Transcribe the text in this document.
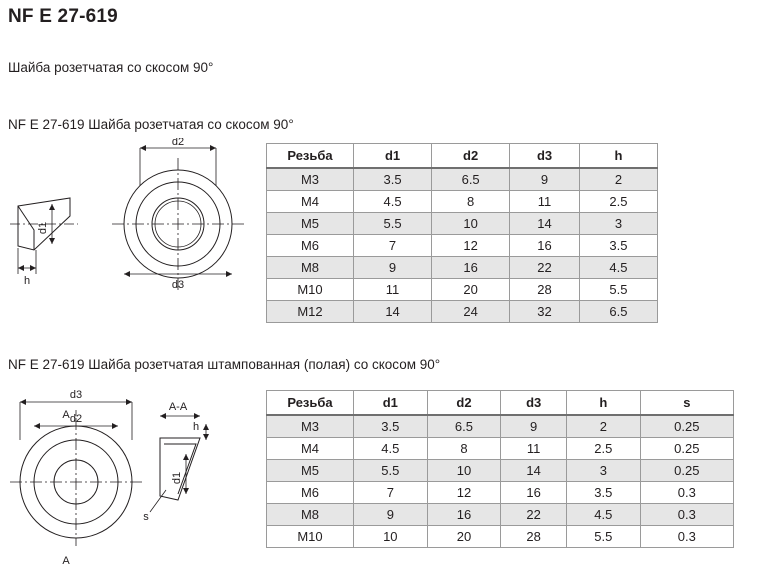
NF E 27-619
Шайба розетчатая со скосом 90°
NF E 27-619 Шайба розетчатая со скосом 90°
d1
h
d2
d3
Резьба	d1	d2	d3	h
M3	3.5	6.5	9	2
M4	4.5	8	11	2.5
M5	5.5	10	14	3
M6	7	12	16	3.5
M8	9	16	22	4.5
M10	11	20	28	5.5
M12	14	24	32	6.5
NF E 27-619 Шайба розетчатая штампованная (полая) со скосом 90°
d3
d2
A
A
A-A
h
d1
s
Резьба	d1	d2	d3	h	s
M3	3.5	6.5	9	2	0.25
M4	4.5	8	11	2.5	0.25
M5	5.5	10	14	3	0.25
M6	7	12	16	3.5	0.3
M8	9	16	22	4.5	0.3
M10	10	20	28	5.5	0.3
